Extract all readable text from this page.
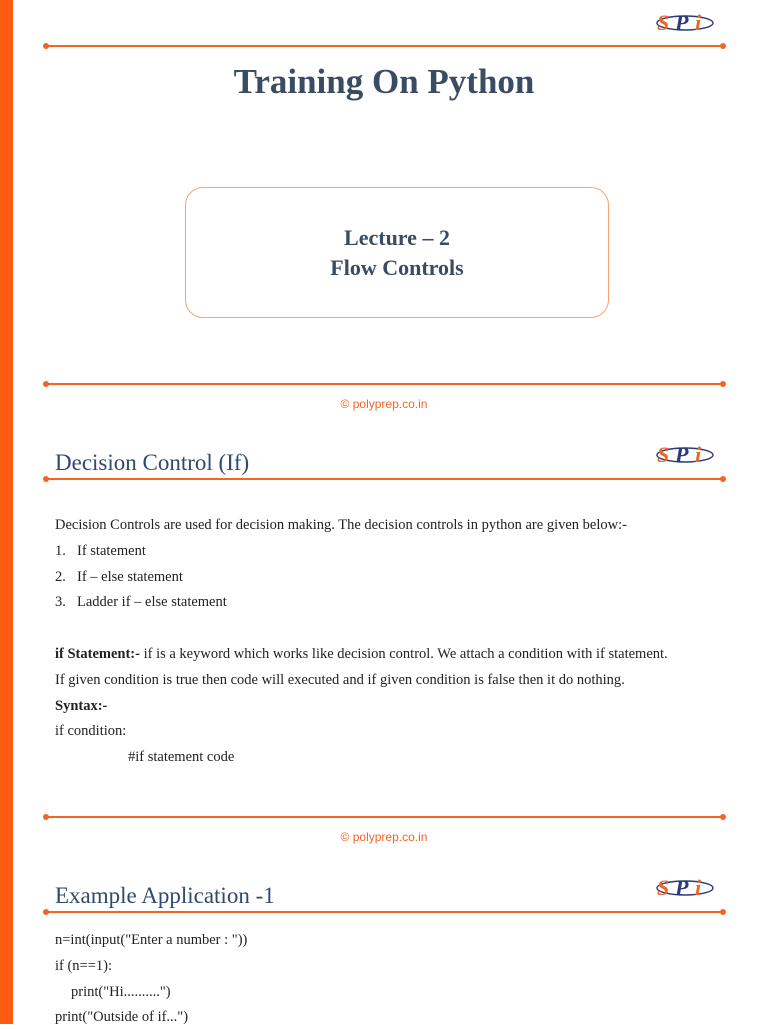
S P i
Training On Python
Lecture – 2
Flow Controls
© polyprep.co.in
Decision Control (If)	S P i

Decision Controls are used for decision making. The decision controls in python are given below:-

1. If statement
2. If – else statement
3. Ladder if – else statement

if Statement:- if is a keyword which works like decision control. We attach a condition with if statement.

If given condition is true then code will executed and if given condition is false then it do nothing.

Syntax:-

if condition:

#if statement code

© polyprep.co.in
Example Application -1	S P i

n=int(input("Enter a number : "))

if (n==1):

print("Hi..........")

print("Outside of if...")
